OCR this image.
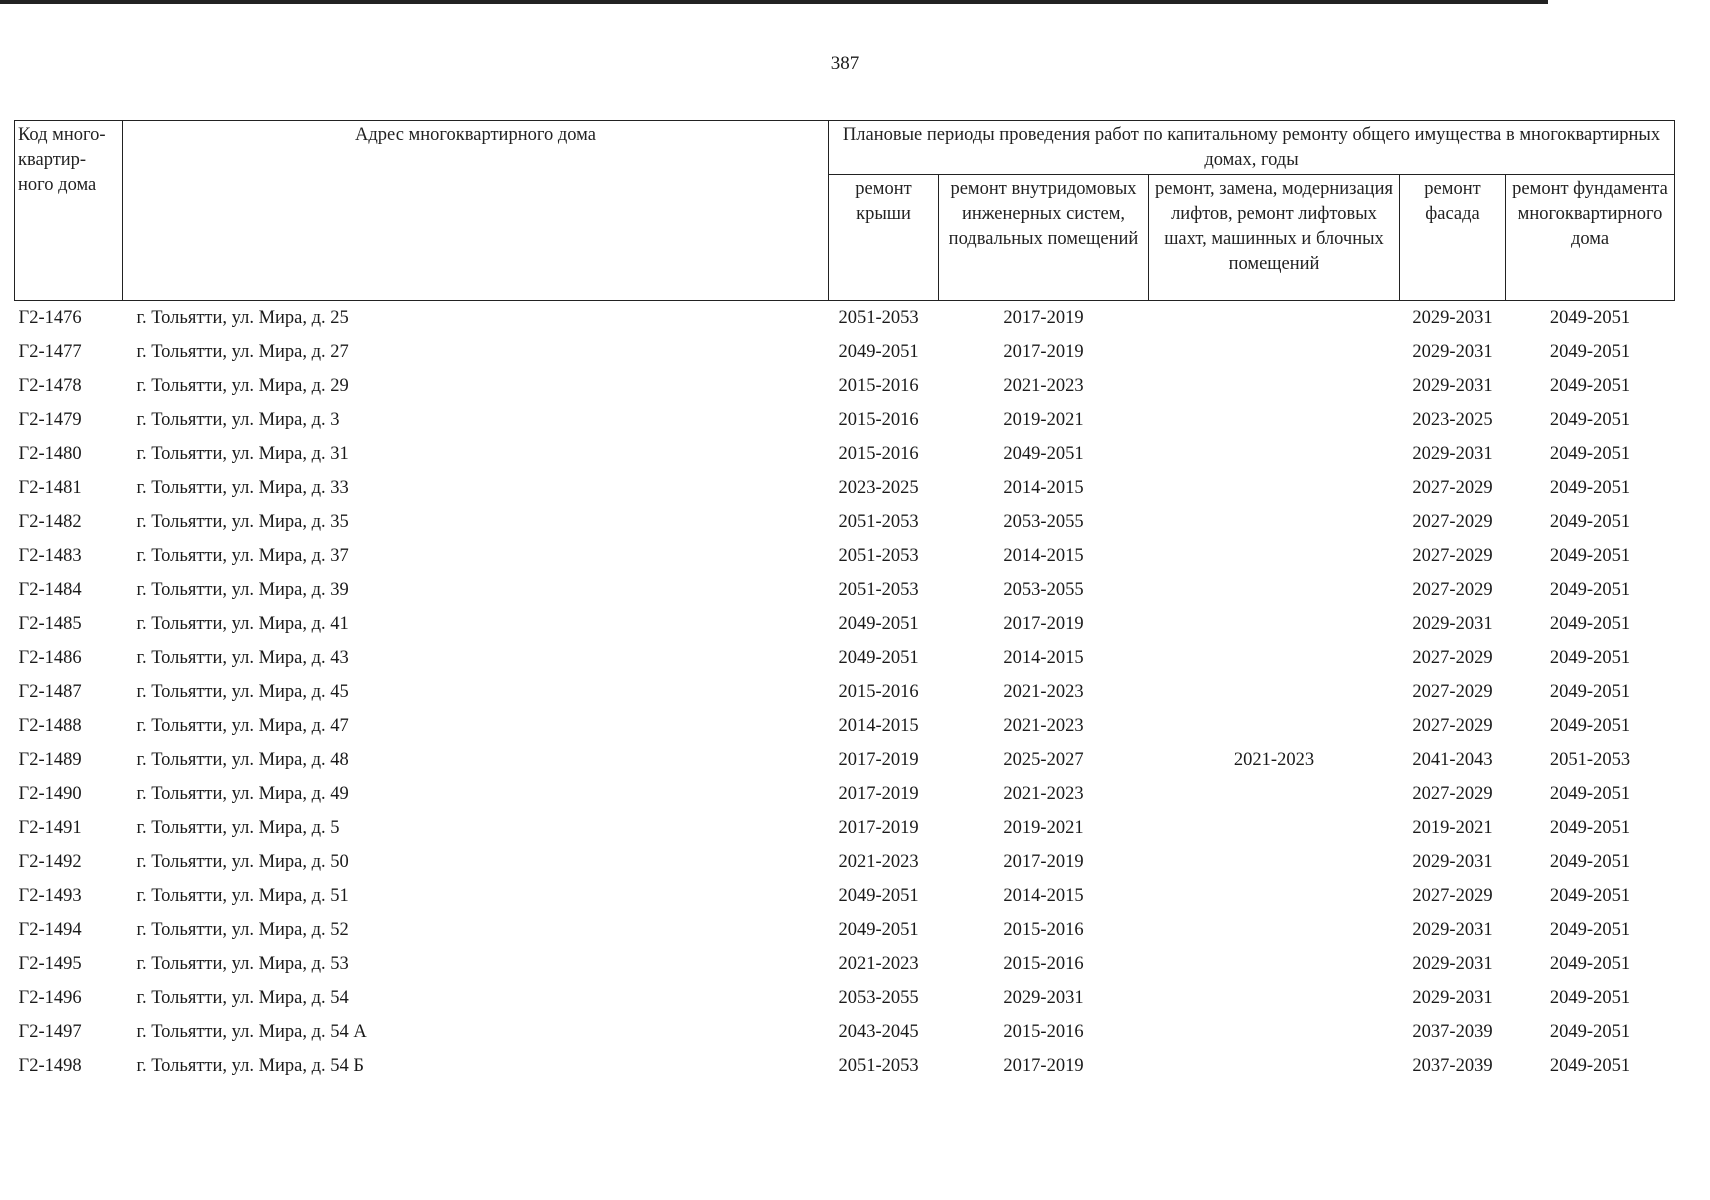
387
Код много-квартир-ного дома	Адрес многоквартирного дома	Плановые периоды проведения работ по капитальному ремонту общего имущества в многоквартирных домах, годы				
		ремонт крыши	ремонт внутридомовых инженерных систем, подвальных помещений	ремонт, замена, модернизация лифтов, ремонт лифтовых шахт, машинных и блочных помещений	ремонт фасада	ремонт фундамента многоквартирного дома
Г2-1476	г. Тольятти, ул. Мира, д. 25	2051-2053	2017-2019		2029-2031	2049-2051
Г2-1477	г. Тольятти, ул. Мира, д. 27	2049-2051	2017-2019		2029-2031	2049-2051
Г2-1478	г. Тольятти, ул. Мира, д. 29	2015-2016	2021-2023		2029-2031	2049-2051
Г2-1479	г. Тольятти, ул. Мира, д. 3	2015-2016	2019-2021		2023-2025	2049-2051
Г2-1480	г. Тольятти, ул. Мира, д. 31	2015-2016	2049-2051		2029-2031	2049-2051
Г2-1481	г. Тольятти, ул. Мира, д. 33	2023-2025	2014-2015		2027-2029	2049-2051
Г2-1482	г. Тольятти, ул. Мира, д. 35	2051-2053	2053-2055		2027-2029	2049-2051
Г2-1483	г. Тольятти, ул. Мира, д. 37	2051-2053	2014-2015		2027-2029	2049-2051
Г2-1484	г. Тольятти, ул. Мира, д. 39	2051-2053	2053-2055		2027-2029	2049-2051
Г2-1485	г. Тольятти, ул. Мира, д. 41	2049-2051	2017-2019		2029-2031	2049-2051
Г2-1486	г. Тольятти, ул. Мира, д. 43	2049-2051	2014-2015		2027-2029	2049-2051
Г2-1487	г. Тольятти, ул. Мира, д. 45	2015-2016	2021-2023		2027-2029	2049-2051
Г2-1488	г. Тольятти, ул. Мира, д. 47	2014-2015	2021-2023		2027-2029	2049-2051
Г2-1489	г. Тольятти, ул. Мира, д. 48	2017-2019	2025-2027	2021-2023	2041-2043	2051-2053
Г2-1490	г. Тольятти, ул. Мира, д. 49	2017-2019	2021-2023		2027-2029	2049-2051
Г2-1491	г. Тольятти, ул. Мира, д. 5	2017-2019	2019-2021		2019-2021	2049-2051
Г2-1492	г. Тольятти, ул. Мира, д. 50	2021-2023	2017-2019		2029-2031	2049-2051
Г2-1493	г. Тольятти, ул. Мира, д. 51	2049-2051	2014-2015		2027-2029	2049-2051
Г2-1494	г. Тольятти, ул. Мира, д. 52	2049-2051	2015-2016		2029-2031	2049-2051
Г2-1495	г. Тольятти, ул. Мира, д. 53	2021-2023	2015-2016		2029-2031	2049-2051
Г2-1496	г. Тольятти, ул. Мира, д. 54	2053-2055	2029-2031		2029-2031	2049-2051
Г2-1497	г. Тольятти, ул. Мира, д. 54 А	2043-2045	2015-2016		2037-2039	2049-2051
Г2-1498	г. Тольятти, ул. Мира, д. 54 Б	2051-2053	2017-2019		2037-2039	2049-2051
